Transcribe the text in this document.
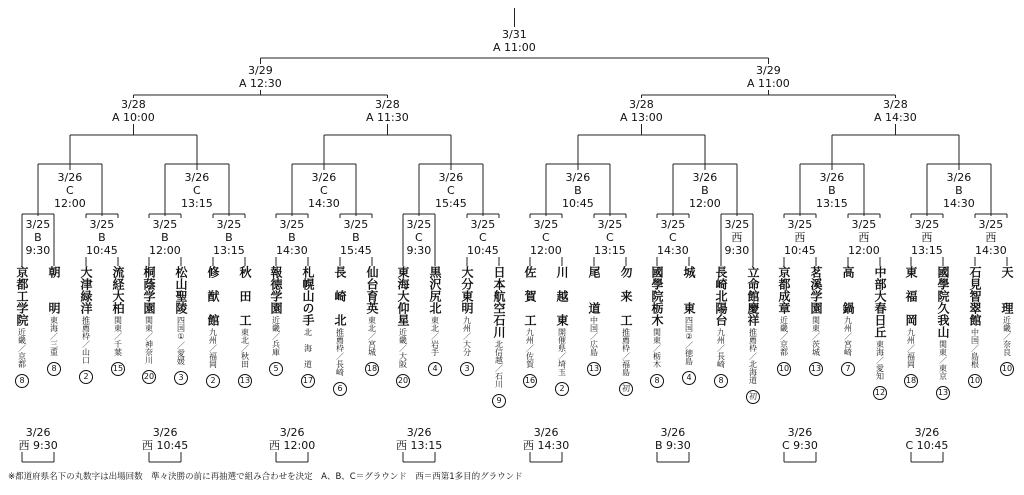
3/31
A 11:00
3/29
A 12:30
3/29
A 11:00
3/28
A 10:00
3/28
A 11:30
3/28
A 13:00
3/28
A 14:30
3/26
C
12:00
3/26
C
13:15
3/26
C
14:30
3/26
C
15:45
3/26
B
10:45
3/26
B
12:00
3/26
B
13:15
3/26
B
14:30
3/25
B
9:30
3/25
B
10:45
3/25
B
12:00
3/25
B
13:15
3/25
B
14:30
3/25
B
15:45
3/25
C
9:30
3/25
C
10:45
3/25
C
12:00
3/25
C
13:15
3/25
C
14:30
3/25
西
9:30
3/25
西
10:45
3/25
西
12:00
3/25
西
13:15
3/25
西
14:30
3/26
西 9:30
3/26
西 10:45
3/26
西 12:00
3/26
西 13:15
3/26
西 14:30
3/26
B 9:30
3/26
C 9:30
3/26
C 10:45
京都工学院
近畿／京都
8
朝　　明
東海／三重
8
大津緑洋
推薦枠／山口
2
流経大柏
関東／千葉
15
桐蔭学園
関東／神奈川
20
松山聖陵
四国①／愛媛
3
修　猷　館
九州／福岡
2
秋　田　工
東北／秋田
13
報徳学園
近畿／兵庫
5
札幌山の手
北　海　道
17
長　崎　北
推薦枠／長崎
6
仙台育英
東北／宮城
18
東海大仰星
近畿／大阪
20
黒沢尻北
東北／岩手
4
大分東明
九州／大分
3
日本航空石川
北信越／石川
9
佐　賀　工
九州／佐賀
16
川　越　東
開催県／埼玉
2
尾　　道
中国／広島
13
勿　来　工
推薦枠／福島
初
國學院栃木
関東／栃木
8
城　　東
四国②／徳島
4
長崎北陽台
九州／長崎
8
立命館慶祥
推薦枠／北海道
初
京都成章
近畿／京都
10
茗溪学園
関東／茨城
13
高　　鍋
九州／宮崎
7
中部大春日丘
東海／愛知
12
東　福　岡
九州／福岡
18
國學院久我山
関東／東京
13
石見智翠館
中国／島根
10
天　　理
近畿／奈良
10
※都道府県名下の丸数字は出場回数　準々決勝の前に再抽選で組み合わせを決定　A、B、C＝グラウンド　西＝西第1多目的グラウンド
